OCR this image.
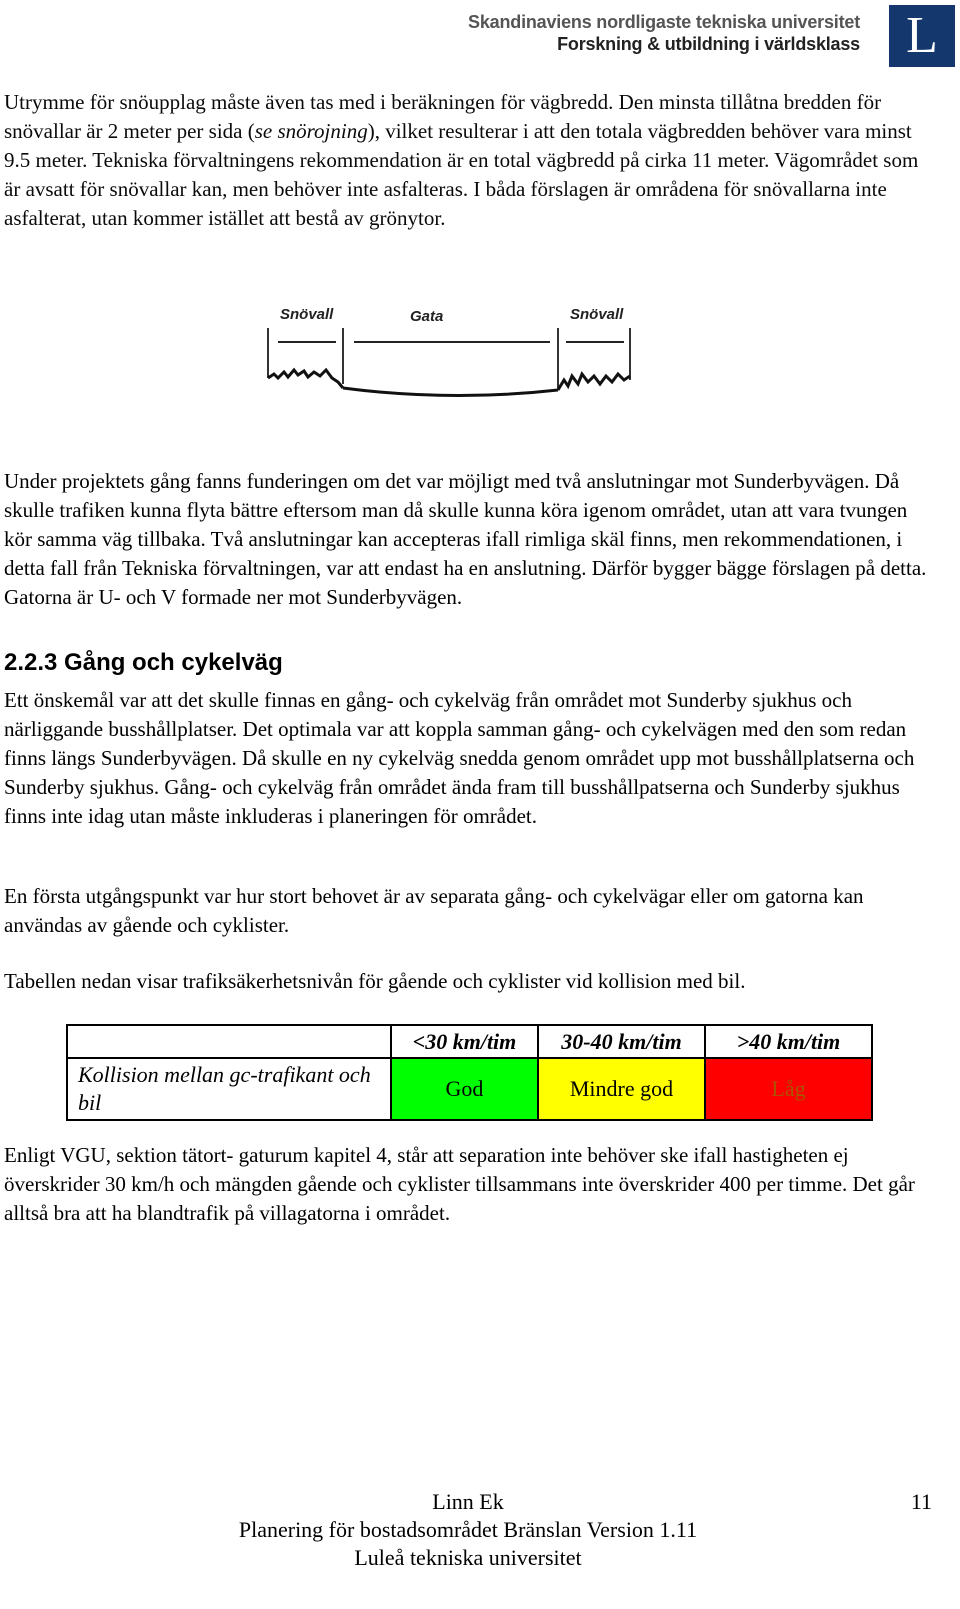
Skandinaviens nordligaste tekniska universitet
Forskning & utbildning i världsklass L

Utrymme för snöupplag måste även tas med i beräkningen för vägbredd. Den minsta tillåtna bredden för snövallar är 2 meter per sida (se snörojning), vilket resulterar i att den totala vägbredden behöver vara minst 9.5 meter. Tekniska förvaltningens rekommendation är en total vägbredd på cirka 11 meter. Vägområdet som är avsatt för snövallar kan, men behöver inte asfalteras. I båda förslagen är områdena för snövallarna inte asfalterat, utan kommer istället att bestå av grönytor.

Snövall	Gata	Snövall

Under projektets gång fanns funderingen om det var möjligt med två anslutningar mot Sunderbyvägen. Då skulle trafiken kunna flyta bättre eftersom man då skulle kunna köra igenom området, utan att vara tvungen kör samma väg tillbaka. Två anslutningar kan accepteras ifall rimliga skäl finns, men rekommendationen, i detta fall från Tekniska förvaltningen, var att endast ha en anslutning. Därför bygger bägge förslagen på detta. Gatorna är U- och V formade ner mot Sunderbyvägen.

2.2.3 Gång och cykelväg

Ett önskemål var att det skulle finnas en gång- och cykelväg från området mot Sunderby sjukhus och närliggande busshållplatser. Det optimala var att koppla samman gång- och cykelvägen med den som redan finns längs Sunderbyvägen. Då skulle en ny cykelväg snedda genom området upp mot busshållplatserna och Sunderby sjukhus. Gång- och cykelväg från området ända fram till busshållpatserna och Sunderby sjukhus finns inte idag utan måste inkluderas i planeringen för området.

En första utgångspunkt var hur stort behovet är av separata gång- och cykelvägar eller om gatorna kan användas av gående och cyklister.

Tabellen nedan visar trafiksäkerhetsnivån för gående och cyklister vid kollision med bil.

	<30 km/tim	30-40 km/tim	>40 km/tim
Kollision mellan gc-trafikant och bil	God	Mindre god	Låg

Enligt VGU, sektion tätort- gaturum kapitel 4, står att separation inte behöver ske ifall hastigheten ej överskrider 30 km/h och mängden gående och cyklister tillsammans inte överskrider 400 per timme. Det går alltså bra att ha blandtrafik på villagatorna i området.

Linn Ek
Planering för bostadsområdet Bränslan Version 1.11
Luleå tekniska universitet
11
